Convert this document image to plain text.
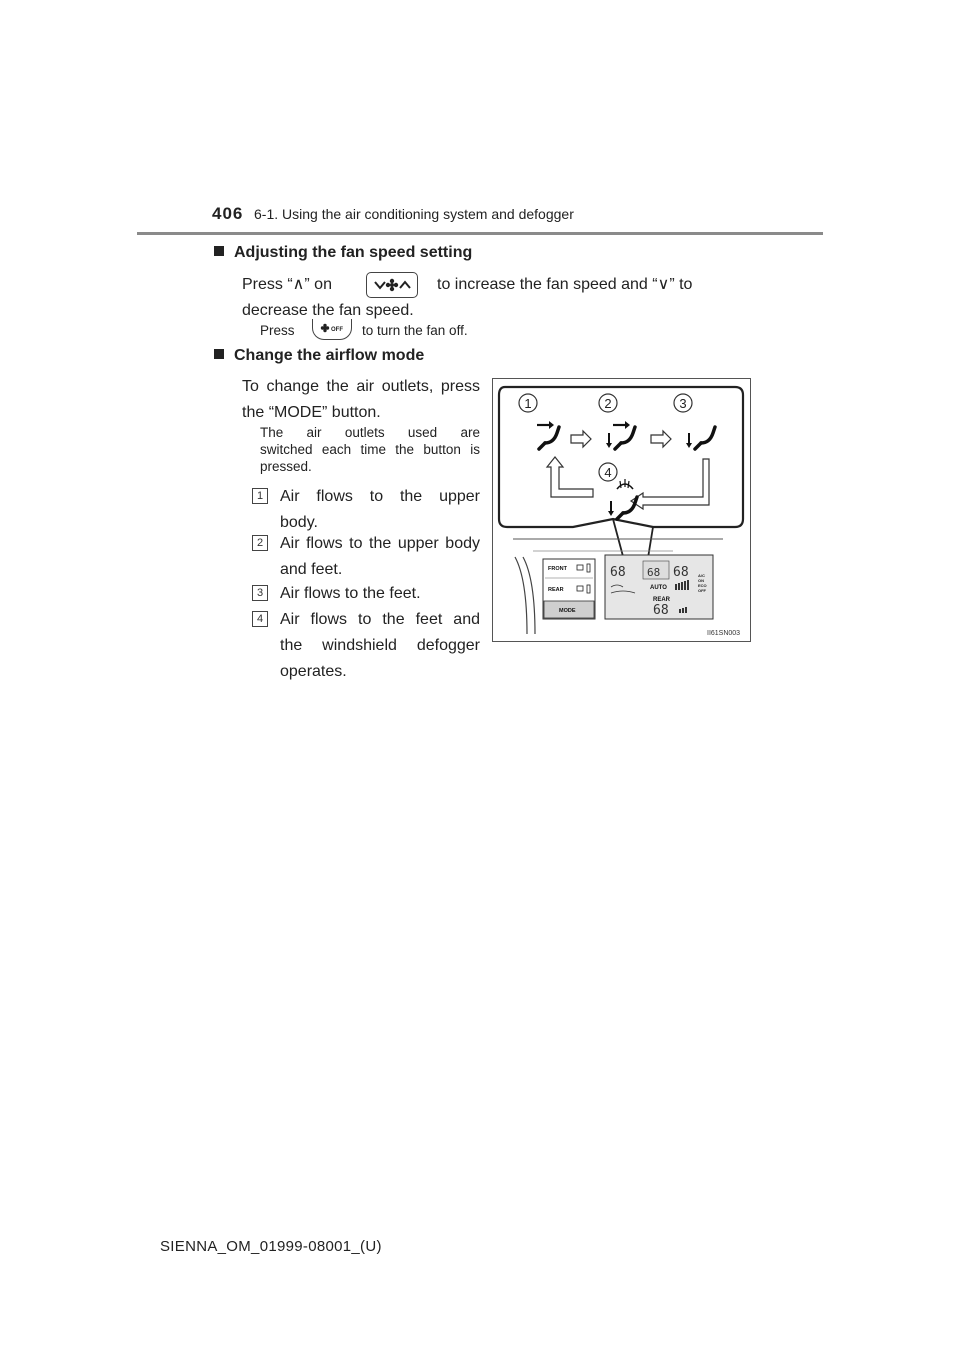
406 6-1. Using the air conditioning system and defogger
Adjusting the fan speed setting
Press “∧” on	to increase the fan speed and “∨” to
decrease the fan speed.
Press	OFF to turn the fan off.
Change the airflow mode
To change the air outlets, press
the “MODE” button.
The air outlets used are
switched each time the button is
pressed.
1	Air flows to the upper
body.
2	Air flows to the upper body
and feet.
3	Air flows to the feet.
4	Air flows to the feet and
the windshield defogger
operates.
1	2	3
4
FRONT
REAR
MODE
68 68 68
AUTO
A/C
ON
ECO
OFF
REAR
68
II61SN003
SIENNA_OM_01999-08001_(U)
